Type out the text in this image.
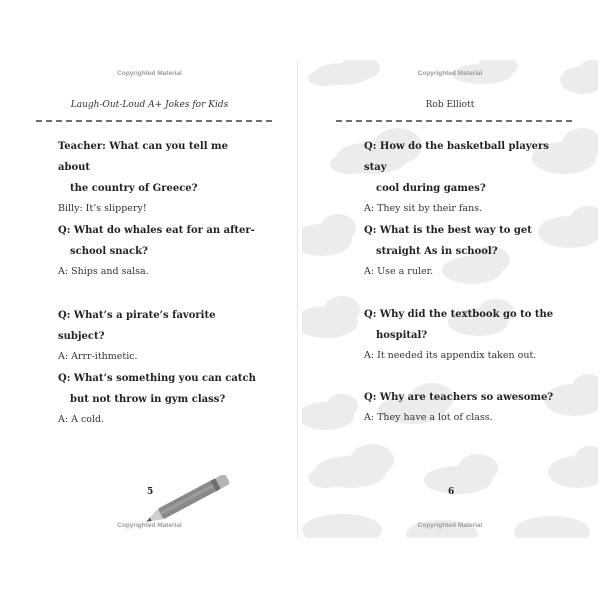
Copyrighted Material
Laugh-Out-Loud A+ Jokes for Kids

Teacher: What can you tell me about
the country of Greece?

Billy: It’s slippery!

Q: What do whales eat for an after-
school snack?

A: Ships and salsa.

Q: What’s a pirate’s favorite subject?

A: Arrr-ithmetic.

Q: What’s something you can catch
but not throw in gym class?

A: A cold.

5
Copyrighted Material
Copyrighted Material
Rob Elliott

Q: How do the basketball players stay
cool during games?

A: They sit by their fans.

Q: What is the best way to get
straight As in school?

A: Use a ruler.

Q: Why did the textbook go to the
hospital?

A: It needed its appendix taken out.

Q: Why are teachers so awesome?

A: They have a lot of class.

6
Copyrighted Material
